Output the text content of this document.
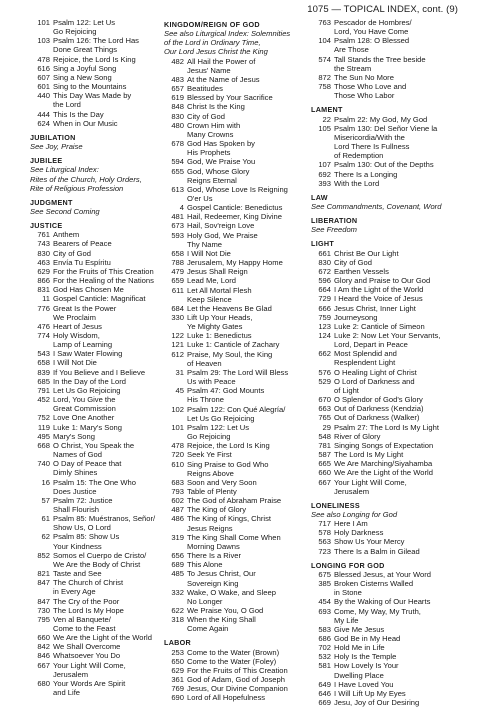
1075 — TOPICAL INDEX, cont. (9)
101 Psalm 122: Let Us
Go Rejoicing
103 Psalm 126: The Lord Has
Done Great Things
478 Rejoice, the Lord Is King
616 Sing a Joyful Song
607 Sing a New Song
601 Sing to the Mountains
440 This Day Was Made by
the Lord
444 This Is the Day
624 When in Our Music
JUBILATION
See Joy, Praise
JUBILEE
See Liturgical Index:
Rites of the Church, Holy Orders,
Rite of Religious Profession
JUDGMENT
See Second Coming
JUSTICE
761 Anthem
743 Bearers of Peace
830 City of God
463 Envía Tu Espíritu
629 For the Fruits of This Creation
866 For the Healing of the Nations
831 God Has Chosen Me
11 Gospel Canticle: Magnificat
776 Great Is the Power
We Proclaim
476 Heart of Jesus
774 Holy Wisdom,
Lamp of Learning
543 I Saw Water Flowing
658 I Will Not Die
839 If You Believe and I Believe
685 In the Day of the Lord
791 Let Us Go Rejoicing
452 Lord, You Give the
Great Commission
752 Love One Another
119 Luke 1: Mary's Song
495 Mary's Song
668 O Christ, You Speak the
Names of God
740 O Day of Peace that
Dimly Shines
16 Psalm 15: The One Who
Does Justice
57 Psalm 72: Justice
Shall Flourish
61 Psalm 85: Muéstranos, Señor/
Show Us, O Lord
62 Psalm 85: Show Us
Your Kindness
852 Somos el Cuerpo de Cristo/
We Are the Body of Christ
821 Taste and See
847 The Church of Christ
in Every Age
847 The Cry of the Poor
730 The Lord Is My Hope
795 Ven al Banquete/
Come to the Feast
660 We Are the Light of the World
842 We Shall Overcome
846 Whatsoever You Do
667 Your Light Will Come,
Jerusalem
680 Your Words Are Spirit
and Life
KINGDOM/REIGN OF GOD
See also Liturgical Index: Solemnities
of the Lord in Ordinary Time,
Our Lord Jesus Christ the King
482 All Hail the Power of
Jesus' Name
483 At the Name of Jesus
657 Beatitudes
619 Blessed by Your Sacrifice
848 Christ Is the King
830 City of God
480 Crown Him with
Many Crowns
678 God Has Spoken by
His Prophets
594 God, We Praise You
655 God, Whose Glory
Reigns Eternal
613 God, Whose Love Is Reigning
O'er Us
4 Gospel Canticle: Benedictus
481 Hail, Redeemer, King Divine
673 Hail, Sov'reign Love
593 Holy God, We Praise
Thy Name
658 I Will Not Die
788 Jerusalem, My Happy Home
479 Jesus Shall Reign
659 Lead Me, Lord
611 Let All Mortal Flesh
Keep Silence
684 Let the Heavens Be Glad
330 Lift Up Your Heads,
Ye Mighty Gates
122 Luke 1: Benedictus
121 Luke 1: Canticle of Zachary
612 Praise, My Soul, the King
of Heaven
31 Psalm 29: The Lord Will Bless
Us with Peace
45 Psalm 47: God Mounts
His Throne
102 Psalm 122: Con Qué Alegría/
Let Us Go Rejoicing
101 Psalm 122: Let Us
Go Rejoicing
478 Rejoice, the Lord Is King
720 Seek Ye First
610 Sing Praise to God Who
Reigns Above
683 Soon and Very Soon
793 Table of Plenty
602 The God of Abraham Praise
487 The King of Glory
486 The King of Kings, Christ
Jesus Reigns
319 The King Shall Come When
Morning Dawns
656 There Is a River
689 This Alone
485 To Jesus Christ, Our
Sovereign King
332 Wake, O Wake, and Sleep
No Longer
622 We Praise You, O God
318 When the King Shall
Come Again
LABOR
253 Come to the Water (Brown)
650 Come to the Water (Foley)
629 For the Fruits of This Creation
361 God of Adam, God of Joseph
769 Jesus, Our Divine Companion
690 Lord of All Hopefulness
763 Pescador de Hombres/
Lord, You Have Come
104 Psalm 128: O Blessed
Are Those
574 Tall Stands the Tree beside
the Stream
872 The Sun No More
758 Those Who Love and
Those Who Labor
LAMENT
22 Psalm 22: My God, My God
105 Psalm 130: Del Señor Viene la
Misericordia/With the
Lord There Is Fullness
of Redemption
107 Psalm 130: Out of the Depths
692 There Is a Longing
393 With the Lord
LAW
See Commandments, Covenant, Word
LIBERATION
See Freedom
LIGHT
661 Christ Be Our Light
830 City of God
672 Earthen Vessels
596 Glory and Praise to Our God
664 I Am the Light of the World
729 I Heard the Voice of Jesus
666 Jesus Christ, Inner Light
759 Journeysong
123 Luke 2: Canticle of Simeon
124 Luke 2: Now Let Your Servants,
Lord, Depart in Peace
662 Most Splendid and
Resplendent Light
576 O Healing Light of Christ
529 O Lord of Darkness and
of Light
670 O Splendor of God's Glory
663 Out of Darkness (Kendzia)
765 Out of Darkness (Walker)
29 Psalm 27: The Lord Is My Light
548 River of Glory
781 Singing Songs of Expectation
587 The Lord Is My Light
665 We Are Marching/Siyahamba
660 We Are the Light of the World
667 Your Light Will Come,
Jerusalem
LONELINESS
See also Longing for God
717 Here I Am
578 Holy Darkness
563 Show Us Your Mercy
723 There Is a Balm in Gilead
LONGING FOR GOD
675 Blessed Jesus, at Your Word
385 Broken Cisterns Walled
in Stone
454 By the Waking of Our Hearts
693 Come, My Way, My Truth,
My Life
583 Give Me Jesus
686 God Be in My Head
702 Hold Me in Life
532 Holy Is the Temple
581 How Lovely Is Your
Dwelling Place
649 I Have Loved You
646 I Will Lift Up My Eyes
669 Jesu, Joy of Our Desiring
